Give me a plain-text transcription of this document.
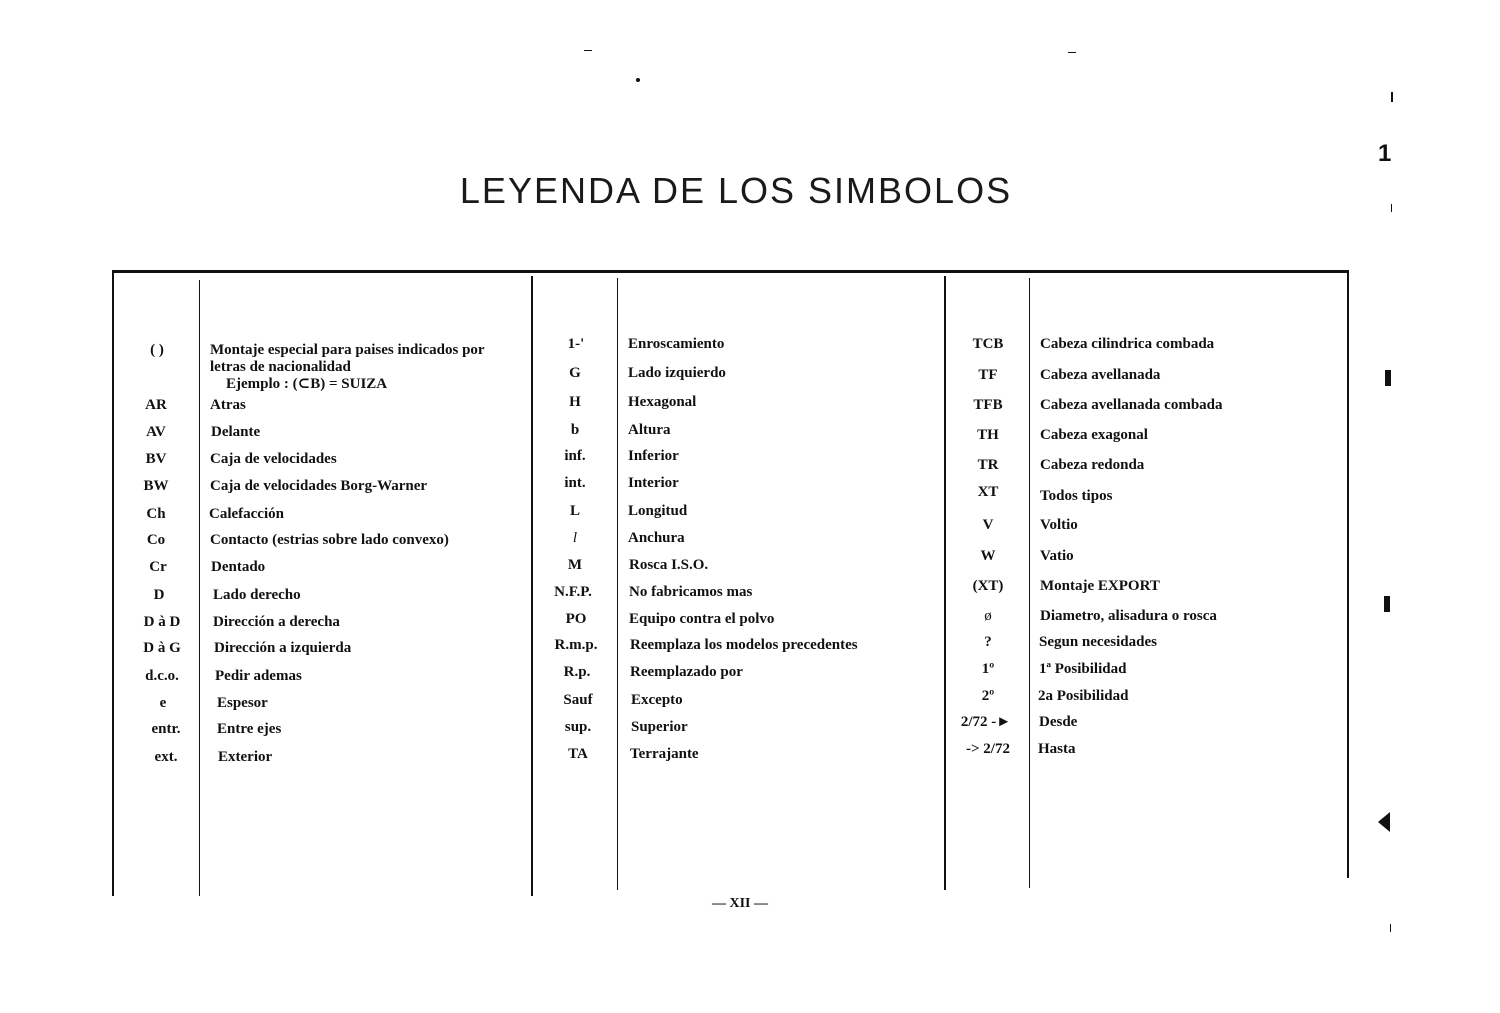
LEYENDA DE LOS SIMBOLOS
1
( )	Montaje especial para paises indicados por
letras de nacionalidad
Ejemplo : (⊂B) = SUIZA
AR	Atras
AV	Delante
BV	Caja de velocidades
BW	Caja de velocidades Borg-Warner
Ch	Calefacción
Co	Contacto (estrias sobre lado convexo)
Cr	Dentado
D	Lado derecho
D à D	Dirección a derecha
D à G	Dirección a izquierda
d.c.o.	Pedir ademas
e	Espesor
entr.	Entre ejes
ext.	Exterior
1-'	Enroscamiento
G	Lado izquierdo
H	Hexagonal
b	Altura
inf.	Inferior
int.	Interior
L	Longitud
l	Anchura
M	Rosca I.S.O.
N.F.P.	No fabricamos mas
PO	Equipo contra el polvo
R.m.p.	Reemplaza los modelos precedentes
R.p.	Reemplazado por
Sauf	Excepto
sup.	Superior
TA	Terrajante
TCB	Cabeza cilindrica combada
TF	Cabeza avellanada
TFB	Cabeza avellanada combada
TH	Cabeza exagonal
TR	Cabeza redonda
XT	Todos tipos
V	Voltio
W	Vatio
(XT)	Montaje EXPORT
ø	Diametro, alisadura o rosca
?	Segun necesidades
1º	1ª Posibilidad
2º	2a Posibilidad
2/72 -►	Desde
-> 2/72	Hasta
— XII —
